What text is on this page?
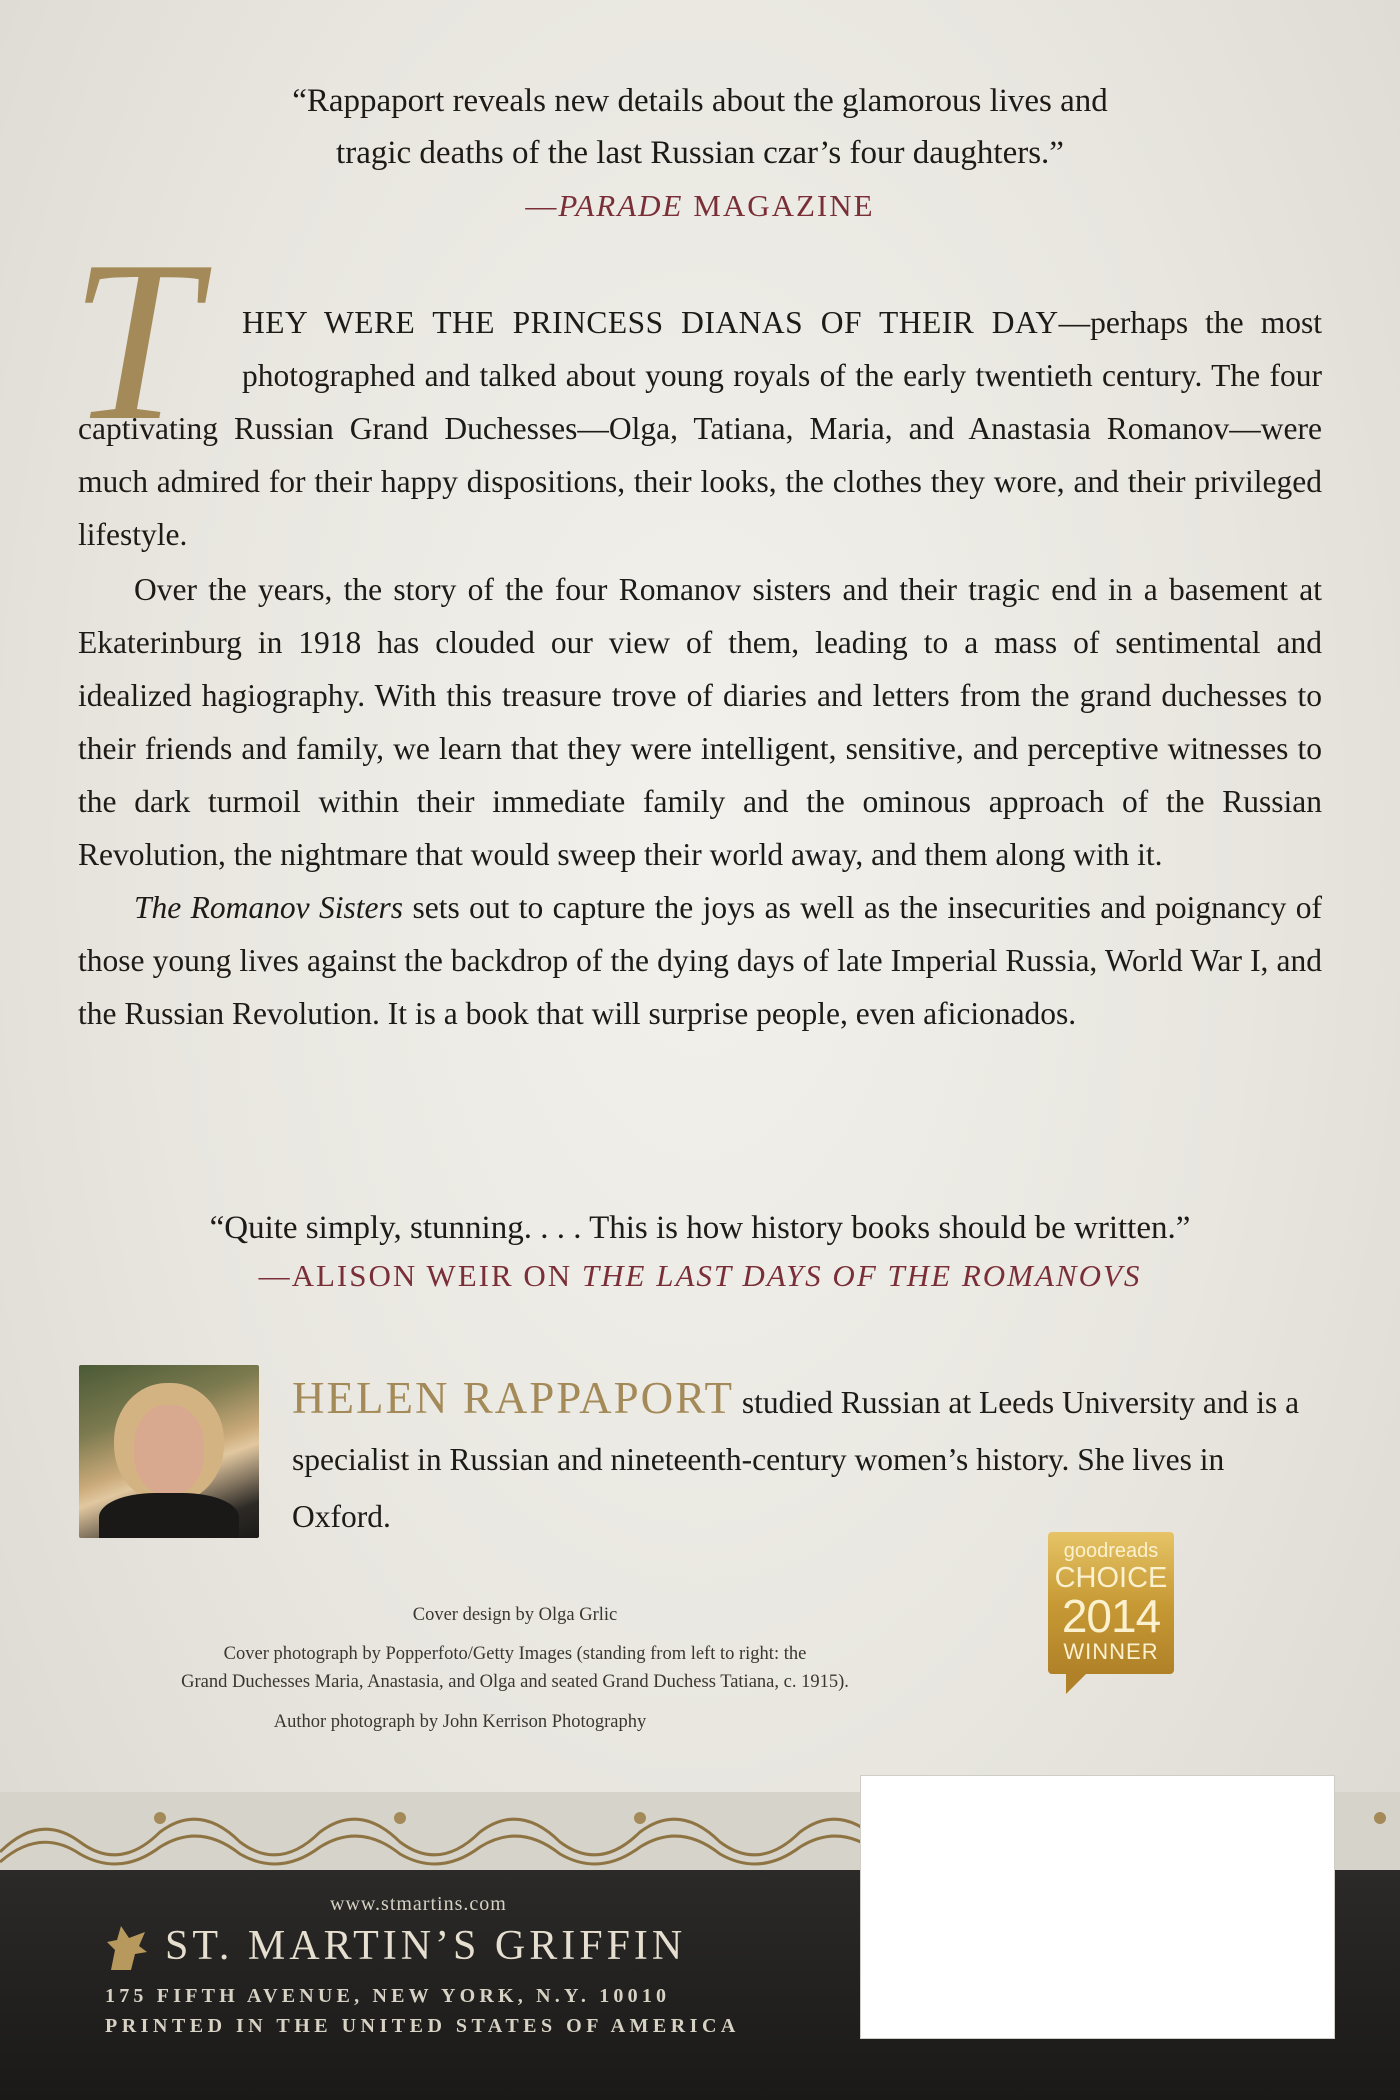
“Rappaport reveals new details about the glamorous lives and
tragic deaths of the last Russian czar’s four daughters.”
—PARADE MAGAZINE
T	HEY WERE THE PRINCESS DIANAS OF THEIR DAY—perhaps the most photographed and talked about young royals of the early twentieth century. The four captivating Russian Grand Duchesses—Olga, Tatiana, Maria, and Anastasia Romanov—were much admired for their happy dispositions, their looks, the clothes they wore, and their privileged lifestyle.

Over the years, the story of the four Romanov sisters and their tragic end in a basement at Ekaterinburg in 1918 has clouded our view of them, leading to a mass of sentimental and idealized hagiography. With this treasure trove of diaries and letters from the grand duchesses to their friends and family, we learn that they were intelligent, sensitive, and perceptive witnesses to the dark turmoil within their immediate family and the ominous approach of the Russian Revolution, the nightmare that would sweep their world away, and them along with it.

The Romanov Sisters sets out to capture the joys as well as the insecurities and poignancy of those young lives against the backdrop of the dying days of late Imperial Russia, World War I, and the Russian Revolution. It is a book that will surprise people, even aficionados.

“Quite simply, stunning. . . . This is how history books should be written.”
—ALISON WEIR ON THE LAST DAYS OF THE ROMANOVS
HELEN RAPPAPORT studied Russian at Leeds University and is a specialist in Russian and nineteenth-century women’s history. She lives in Oxford.
Cover design by Olga Grlic
Cover photograph by Popperfoto/Getty Images (standing from left to right: the
Grand Duchesses Maria, Anastasia, and Olga and seated Grand Duchess Tatiana, c. 1915).
Author photograph by John Kerrison Photography
goodreads
CHOICE
2014
WINNER
www.stmartins.com
ST. MARTIN’S GRIFFIN
175 FIFTH AVENUE, NEW YORK, N.Y. 10010
PRINTED IN THE UNITED STATES OF AMERICA
